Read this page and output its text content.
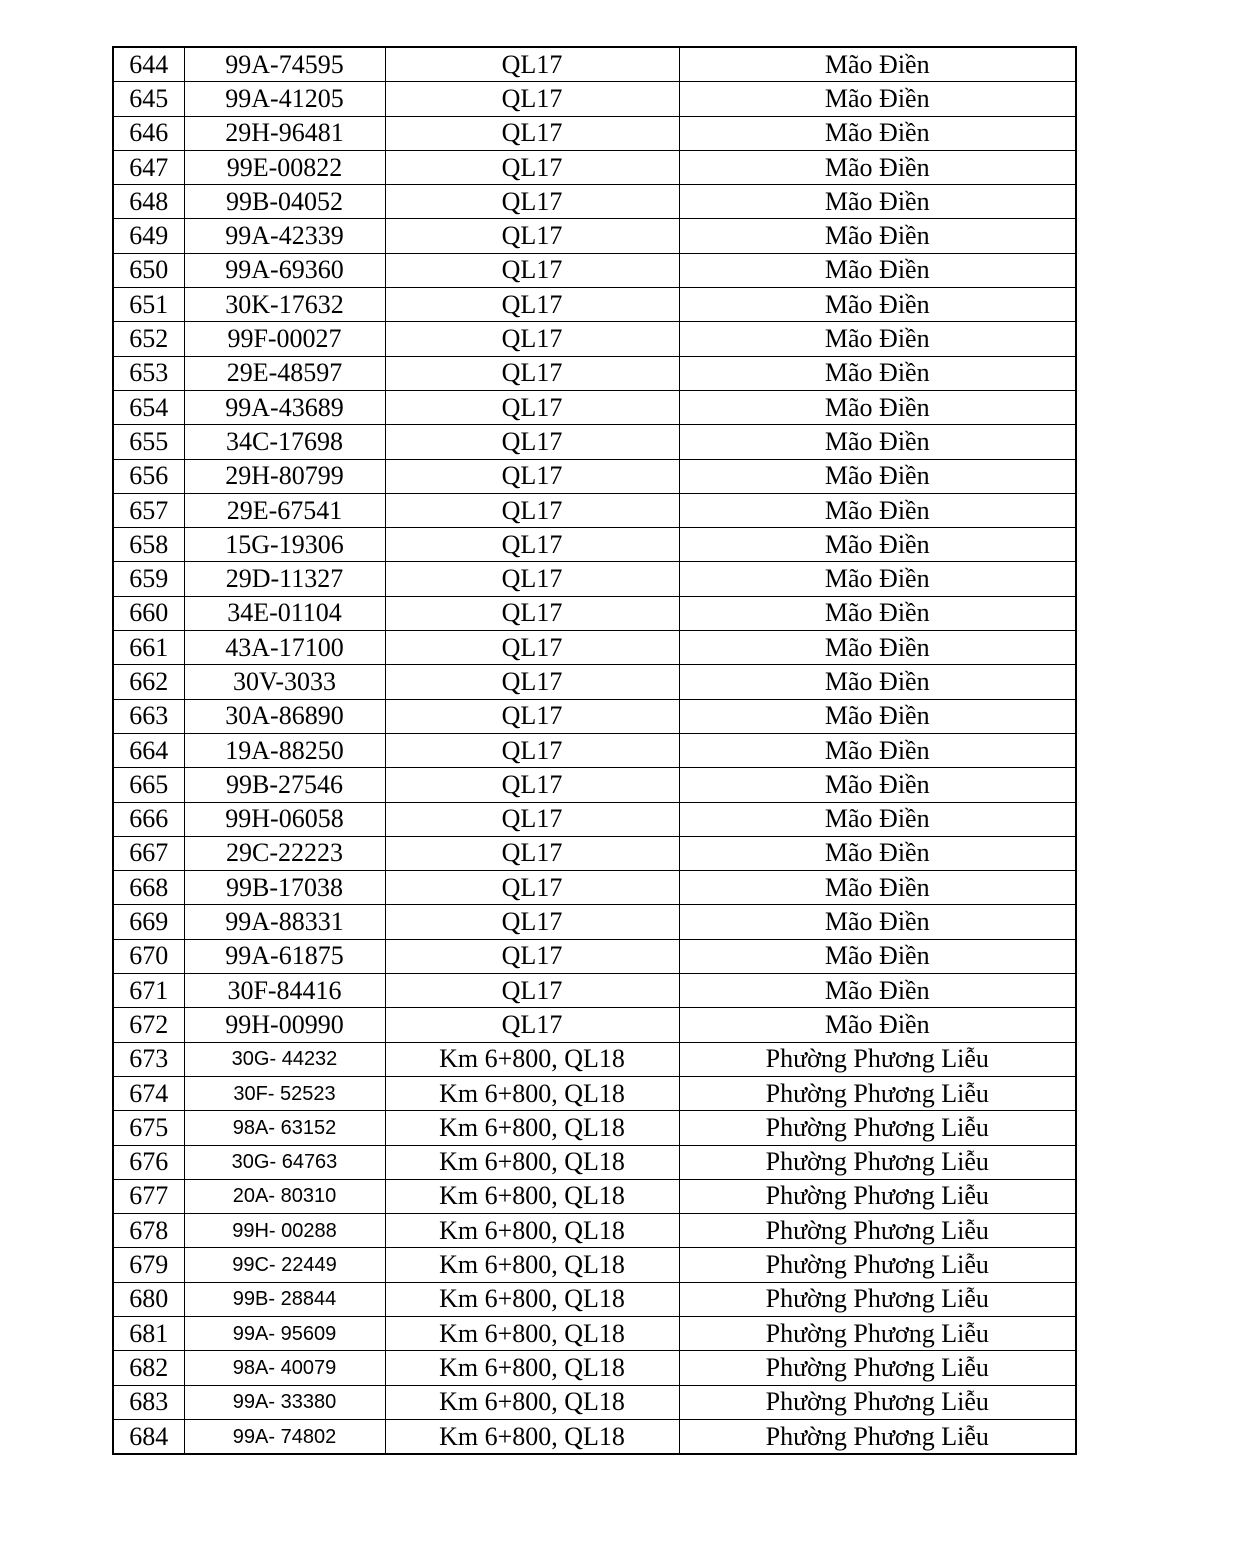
644	99A-74595	QL17	Mão Điền
645	99A-41205	QL17	Mão Điền
646	29H-96481	QL17	Mão Điền
647	99E-00822	QL17	Mão Điền
648	99B-04052	QL17	Mão Điền
649	99A-42339	QL17	Mão Điền
650	99A-69360	QL17	Mão Điền
651	30K-17632	QL17	Mão Điền
652	99F-00027	QL17	Mão Điền
653	29E-48597	QL17	Mão Điền
654	99A-43689	QL17	Mão Điền
655	34C-17698	QL17	Mão Điền
656	29H-80799	QL17	Mão Điền
657	29E-67541	QL17	Mão Điền
658	15G-19306	QL17	Mão Điền
659	29D-11327	QL17	Mão Điền
660	34E-01104	QL17	Mão Điền
661	43A-17100	QL17	Mão Điền
662	30V-3033	QL17	Mão Điền
663	30A-86890	QL17	Mão Điền
664	19A-88250	QL17	Mão Điền
665	99B-27546	QL17	Mão Điền
666	99H-06058	QL17	Mão Điền
667	29C-22223	QL17	Mão Điền
668	99B-17038	QL17	Mão Điền
669	99A-88331	QL17	Mão Điền
670	99A-61875	QL17	Mão Điền
671	30F-84416	QL17	Mão Điền
672	99H-00990	QL17	Mão Điền
673	30G- 44232	Km 6+800, QL18	Phường Phương Liễu
674	30F- 52523	Km 6+800, QL18	Phường Phương Liễu
675	98A- 63152	Km 6+800, QL18	Phường Phương Liễu
676	30G- 64763	Km 6+800, QL18	Phường Phương Liễu
677	20A- 80310	Km 6+800, QL18	Phường Phương Liễu
678	99H- 00288	Km 6+800, QL18	Phường Phương Liễu
679	99C- 22449	Km 6+800, QL18	Phường Phương Liễu
680	99B- 28844	Km 6+800, QL18	Phường Phương Liễu
681	99A- 95609	Km 6+800, QL18	Phường Phương Liễu
682	98A- 40079	Km 6+800, QL18	Phường Phương Liễu
683	99A- 33380	Km 6+800, QL18	Phường Phương Liễu
684	99A- 74802	Km 6+800, QL18	Phường Phương Liễu
